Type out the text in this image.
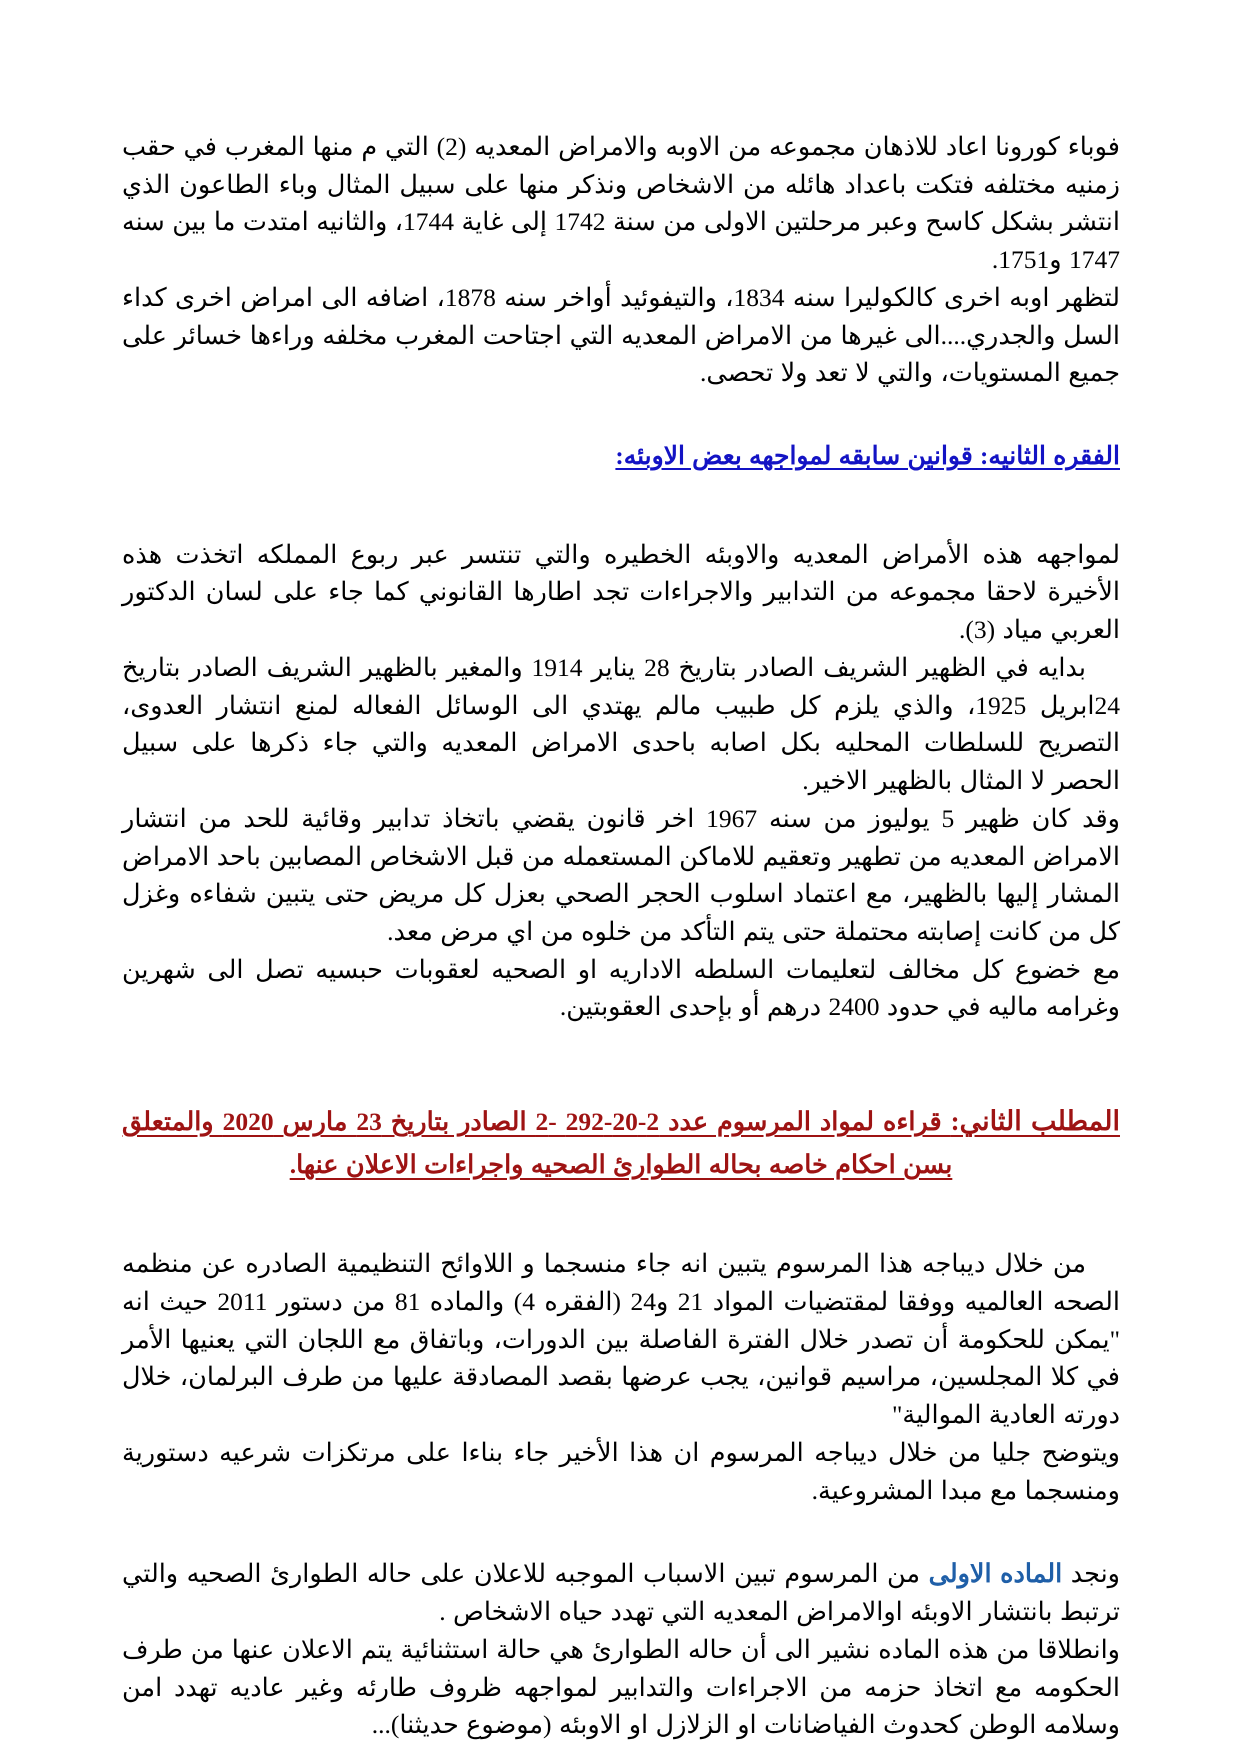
فوباء كورونا اعاد للاذهان مجموعه من الاوبه والامراض المعديه (2) التي م منها المغرب في حقب زمنيه مختلفه فتكت باعداد هائله من الاشخاص ونذكر منها على سبيل المثال وباء الطاعون الذي انتشر بشكل كاسح وعبر مرحلتين الاولى من سنة 1742 إلى غاية 1744، والثانيه امتدت ما بين سنه 1747 و1751.

لتظهر اوبه اخرى كالكوليرا سنه 1834، والتيفوئيد أواخر سنه 1878، اضافه الى امراض اخرى كداء السل والجدري....الى غيرها من الامراض المعديه التي اجتاحت المغرب مخلفه وراءها خسائر على جميع المستويات، والتي لا تعد ولا تحصى.

الفقره الثانيه: قوانين سابقه لمواجهه بعض الاوبئه:

لمواجهه هذه الأمراض المعديه والاوبئه الخطيره والتي تنتسر عبر ربوع المملكه اتخذت هذه الأخيرة لاحقا مجموعه من التدابير والاجراءات تجد اطارها القانوني كما جاء على لسان الدكتور العربي مياد (3).

بدايه في الظهير الشريف الصادر بتاريخ 28 يناير 1914 والمغير بالظهير الشريف الصادر بتاريخ 24ابريل 1925، والذي يلزم كل طبيب مالم يهتدي الى الوسائل الفعاله لمنع انتشار العدوى، التصريح للسلطات المحليه بكل اصابه باحدى الامراض المعديه والتي جاء ذكرها على سبيل الحصر لا المثال بالظهير الاخير.

وقد كان ظهير 5 يوليوز من سنه 1967 اخر قانون يقضي باتخاذ تدابير وقائية للحد من انتشار الامراض المعديه من تطهير وتعقيم للاماكن المستعمله من قبل الاشخاص المصابين باحد الامراض المشار إليها بالظهير، مع اعتماد اسلوب الحجر الصحي بعزل كل مريض حتى يتبين شفاءه وغزل كل من كانت إصابته محتملة حتى يتم التأكد من خلوه من اي مرض معد.

مع خضوع كل مخالف لتعليمات السلطه الاداريه او الصحيه لعقوبات حبسيه تصل الى شهرين وغرامه ماليه في حدود 2400 درهم أو بإحدى العقوبتين.

المطلب الثاني: قراءه لمواد المرسوم عدد 2-20-292 -2 الصادر بتاريخ 23 مارس 2020 والمتعلق بسن احكام خاصه بحاله الطوارئ الصحيه واجراءات الاعلان عنها.

من خلال ديباجه هذا المرسوم يتبين انه جاء منسجما و اللاوائح التنظيمية الصادره عن منظمه الصحه العالميه ووفقا لمقتضيات المواد 21 و24 (الفقره 4) والماده 81 من دستور 2011 حيث انه "يمكن للحكومة أن تصدر خلال الفترة الفاصلة بين الدورات، وباتفاق مع اللجان التي يعنيها الأمر في كلا المجلسين، مراسيم قوانين، يجب عرضها بقصد المصادقة عليها من طرف البرلمان، خلال دورته العادية الموالية"

ويتوضح جليا من خلال ديباجه المرسوم ان هذا الأخير جاء بناءا على مرتكزات شرعيه دستورية ومنسجما مع مبدا المشروعية.

ونجد الماده الاولى من المرسوم تبين الاسباب الموجبه للاعلان على حاله الطوارئ الصحيه والتي ترتبط بانتشار الاوبئه اوالامراض المعديه التي تهدد حياه الاشخاص .

وانطلاقا من هذه الماده نشير الى أن حاله الطوارئ هي حالة استثنائية يتم الاعلان عنها من طرف الحكومه مع اتخاذ حزمه من الاجراءات والتدابير لمواجهه ظروف طارئه وغير عاديه تهدد امن وسلامه الوطن كحدوث الفياضانات او الزلازل او الاوبئه (موضوع حديثنا)...
